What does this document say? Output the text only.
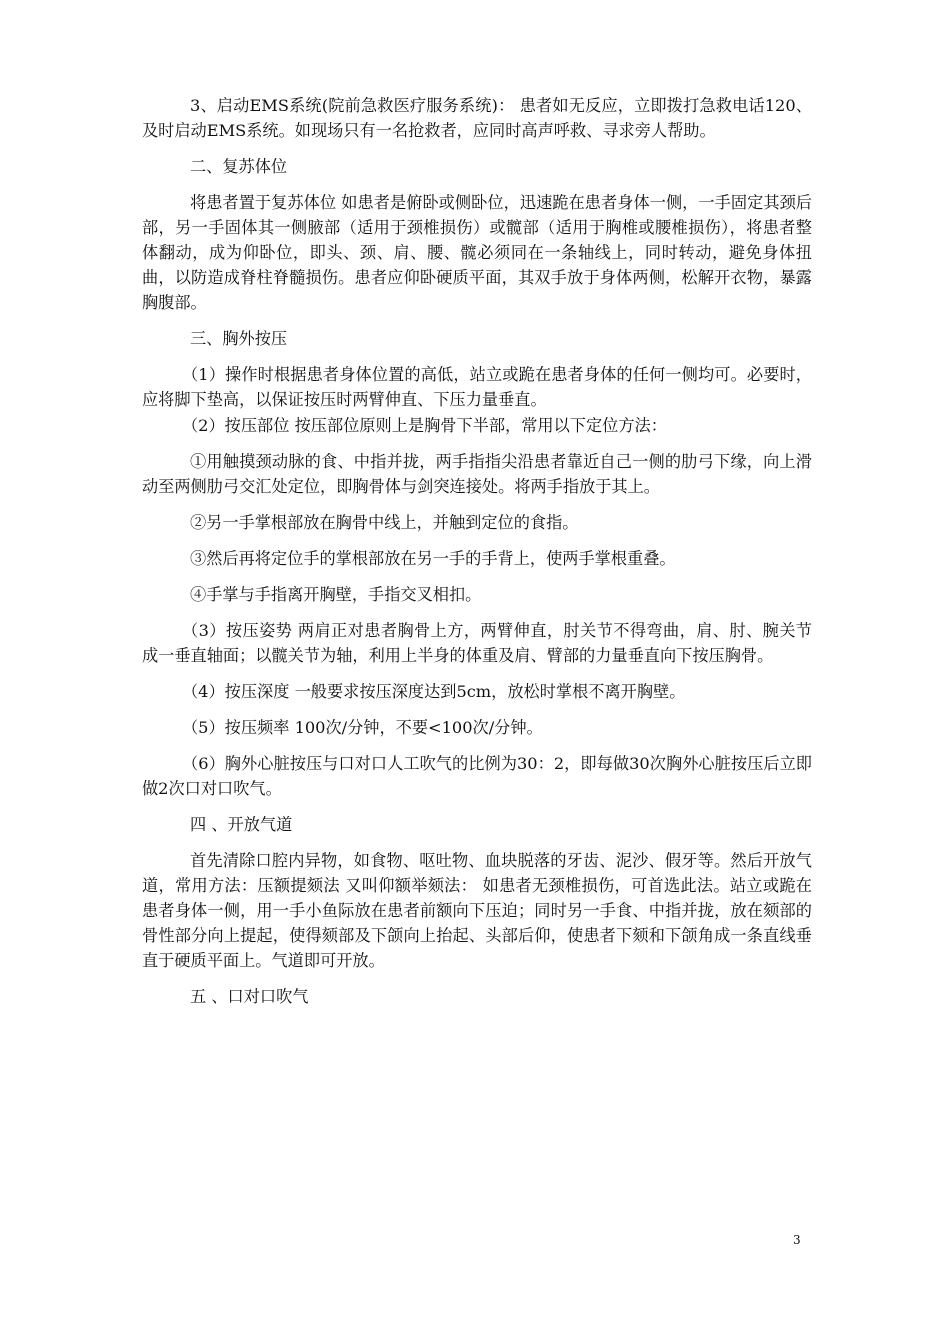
3、启动EMS系统(院前急救医疗服务系统)： 患者如无反应，立即拨打急救电话120、及时启动EMS系统。如现场只有一名抢救者，应同时高声呼救、寻求旁人帮助。

二、复苏体位

将患者置于复苏体位 如患者是俯卧或侧卧位，迅速跪在患者身体一侧，一手固定其颈后部，另一手固体其一侧腋部（适用于颈椎损伤）或髋部（适用于胸椎或腰椎损伤），将患者整体翻动，成为仰卧位，即头、颈、肩、腰、髋必须同在一条轴线上，同时转动，避免身体扭曲，以防造成脊柱脊髓损伤。患者应仰卧硬质平面，其双手放于身体两侧，松解开衣物，暴露胸腹部。

三、胸外按压

（1）操作时根据患者身体位置的高低，站立或跪在患者身体的任何一侧均可。必要时，应将脚下垫高，以保证按压时两臂伸直、下压力量垂直。

（2）按压部位 按压部位原则上是胸骨下半部，常用以下定位方法：

①用触摸颈动脉的食、中指并拢，两手指指尖沿患者靠近自己一侧的肋弓下缘，向上滑动至两侧肋弓交汇处定位，即胸骨体与剑突连接处。将两手指放于其上。

②另一手掌根部放在胸骨中线上，并触到定位的食指。

③然后再将定位手的掌根部放在另一手的手背上，使两手掌根重叠。

④手掌与手指离开胸壁，手指交叉相扣。

（3）按压姿势 两肩正对患者胸骨上方，两臂伸直，肘关节不得弯曲，肩、肘、腕关节成一垂直轴面；以髋关节为轴，利用上半身的体重及肩、臂部的力量垂直向下按压胸骨。

（4）按压深度 一般要求按压深度达到5cm，放松时掌根不离开胸壁。

（5）按压频率 100次/分钟，不要<100次/分钟。

（6）胸外心脏按压与口对口人工吹气的比例为30：2，即每做30次胸外心脏按压后立即做2次口对口吹气。

四 、开放气道

首先清除口腔内异物，如食物、呕吐物、血块脱落的牙齿、泥沙、假牙等。然后开放气道，常用方法：压额提颏法 又叫仰额举颏法： 如患者无颈椎损伤，可首选此法。站立或跪在患者身体一侧，用一手小鱼际放在患者前额向下压迫；同时另一手食、中指并拢，放在颏部的骨性部分向上提起，使得颏部及下颌向上抬起、头部后仰，使患者下颏和下颌角成一条直线垂直于硬质平面上。气道即可开放。

五 、口对口吹气

3
